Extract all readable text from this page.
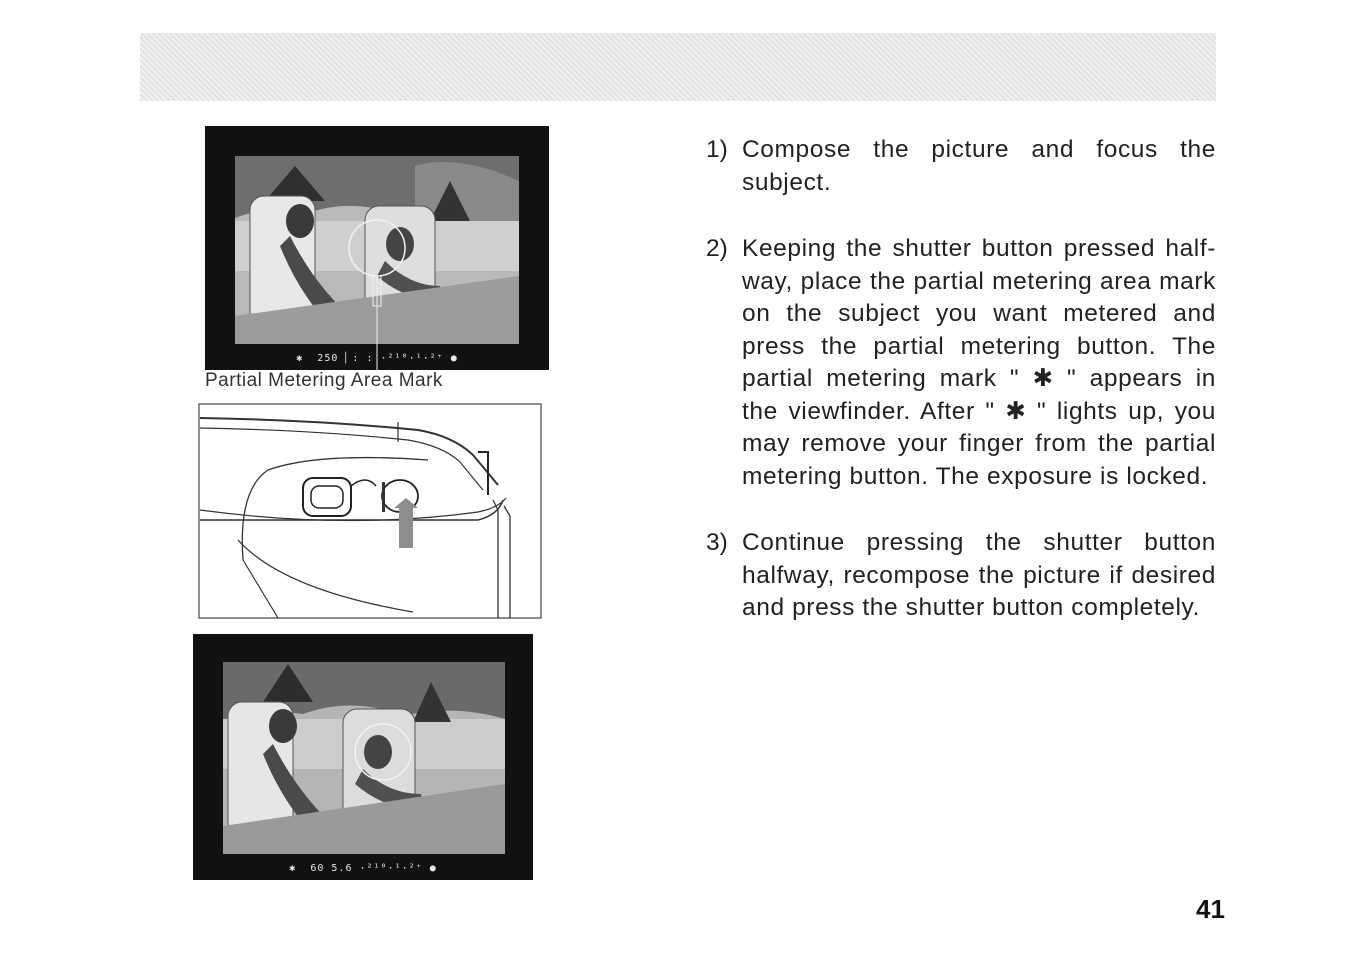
✱  250 ▏: : ·²¹⁰·¹·²⁺ ●
Partial Metering Area Mark
✱  60 5.6 ·²¹⁰·¹·²⁺ ●
1) Compose the picture and focus the subject.
2) Keeping the shutter button pressed half-way, place the partial metering area mark on the subject you want metered and press the partial metering button. The partial metering mark " ✱ " appears in the viewfinder. After " ✱ " lights up, you may remove your finger from the partial metering button. The exposure is locked.
3) Continue pressing the shutter button halfway, recompose the picture if desired and press the shutter button completely.
41
